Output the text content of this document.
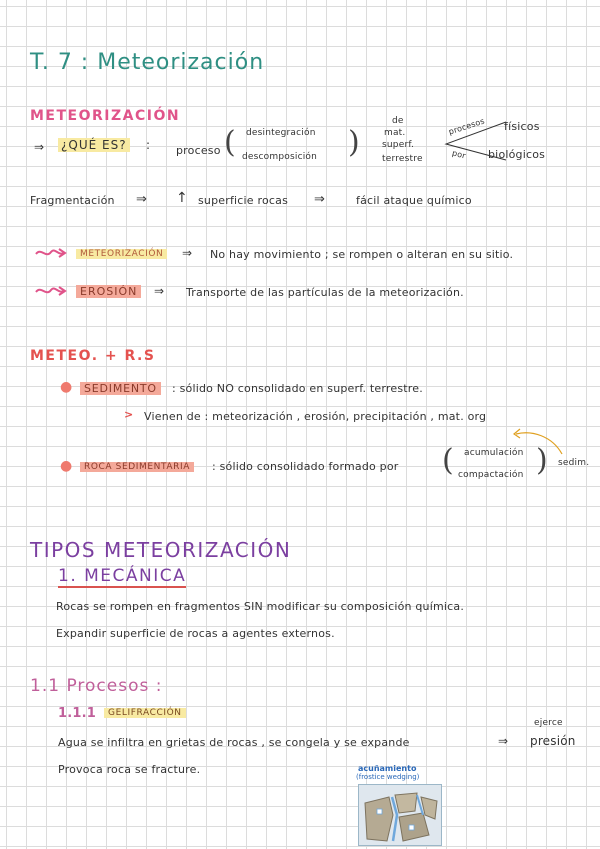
T. 7 : Meteorización
METEORIZACIÓN
⇒ ¿QUÉ ES? : proceso ( desintegración
descomposición )
de
mat.
superf.
terrestre
procesos
por
físicos
biológicos
Fragmentación ⇒ ↑ superficie rocas ⇒	fácil ataque químico
METEORIZACIÓN	⇒ No hay movimiento ; se rompen o alteran en su sitio.
EROSIÓN	⇒ Transporte de las partículas de la meteorización.
METEO. + R.S
●	SEDIMENTO	: sólido NO consolidado en superf. terrestre.
> Vienen de : meteorización , erosión, precipitación , mat. org
●	ROCA SEDIMENTARIA	: sólido consolidado formado por ( acumulación
compactación ) sedim.
TIPOS METEORIZACIÓN
1. MECÁNICA
Rocas se rompen en fragmentos SIN modificar su composición química.
Expandir superficie de rocas a agentes externos.
1.1 Procesos :
1.1.1	GELIFRACCIÓN
Agua se infiltra en grietas de rocas , se congela y se expande	⇒
ejerce
presión
Provoca roca se fracture.	acuñamiento
(frostice wedging)
